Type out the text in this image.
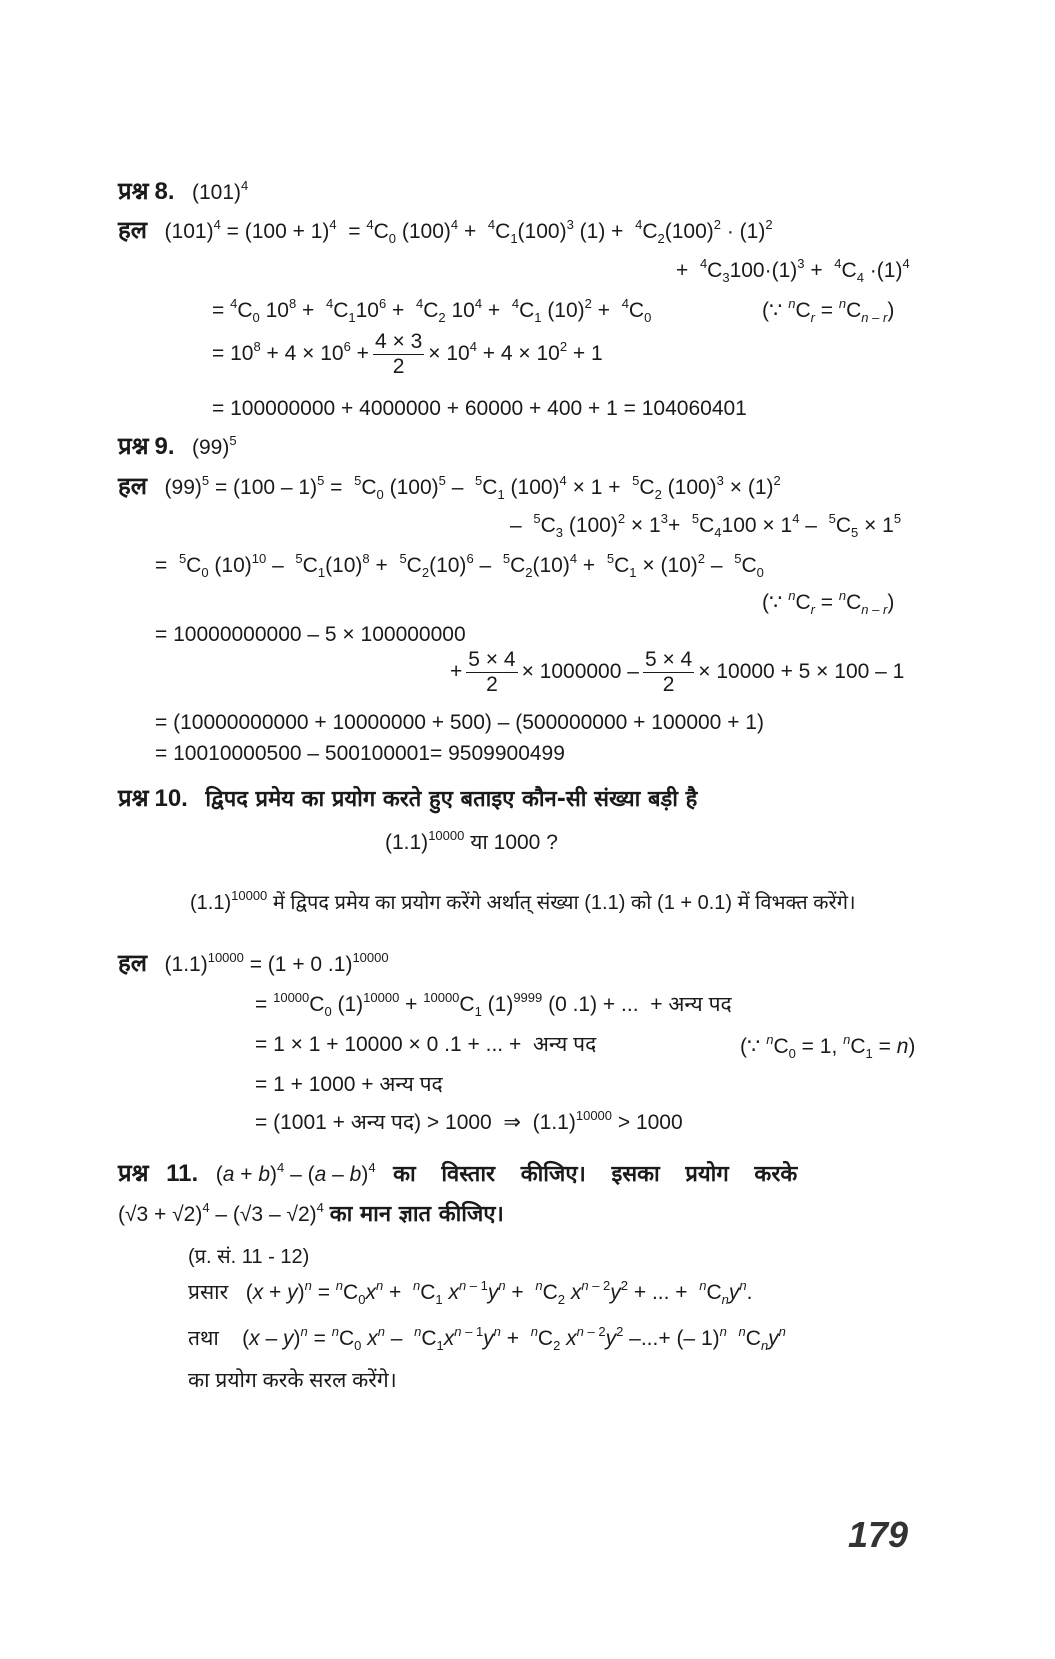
प्रश्न 8. $(101)^4$
हल   $(101)^4 = (100 + 1)^4 = ^4C_0$ $(100)^4 + ^4C_1(100)^3$ $(1) + ^4C_2(100)^2 \cdot (1)^2$
+  $^4C_3100\cdot(1)^3 + ^4C_4 \cdot(1)^4$
= $^4C_0$ $10^8 + ^4C_110^6 + ^4C_2$ $10^4 + ^4C_1$ $(10)^2 + ^4C_0$	(∵ $^nC_r = ^nC_{n - r}$)
= $10^8 + 4 \times 10^6 + \frac{4 \times 3}{2} \times 10^4 + 4 \times 10^2 + 1$
= 100000000 + 4000000 + 60000 + 400 + 1 = 104060401
प्रश्न 9. $(99)^5$
हल   $(99)^5 = (100 - 1)^5 = ^5C_0$ $(100)^5 - ^5C_1$ $(100)^4 \times 1 + ^5C_2$ $(100)^3 \times (1)^2$
–  $^5C_3$ $(100)^2 \times 1^3+ ^5C_4100 \times 1^4 - ^5C_5 \times 1^5$
=  $^5C_0$ $(10)^{10} - ^5C_1(10)^8 + ^5C_2(10)^6 - ^5C_2(10)^4 + ^5C_1 \times (10)^2 - ^5C_0$
(∵ $^nC_r = ^nC_{n - r}$)
= 10000000000 – 5 × 100000000
+ $\frac{5 \times 4}{2} \times 1000000 - \frac{5 \times 4}{2} \times 10000 + 5 \times 100 - 1$
= (10000000000 + 10000000 + 500) – (500000000 + 100000 + 1)
= 10010000500 – 500100001= 9509900499
प्रश्न 10. द्विपद प्रमेय का प्रयोग करते हुए बताइए कौन-सी संख्या बड़ी है
$(1.1)^{10000}$ या 1000 ?
$(1.1)^{10000}$ में द्विपद प्रमेय का प्रयोग करेंगे अर्थात् संख्या (1.1) को (1 + 0.1) में विभक्त करेंगे।
हल   $(1.1)^{10000} = (1 + 0$ .1)$^{10000}$
= $^{10000}C_0$ $(1)^{10000} + ^{10000}C_1$ $(1)^{9999}$ (0 .1) + ...  + अन्य पद
= 1 × 1 + 10000 × 0 .1 + ... +  अन्य पद	(∵ $^nC_0 = 1$, $^nC_1 = n$)
= 1 + 1000 + अन्य पद
= (1001 + अन्य पद) > 1000  ⇒  $(1.1)^{10000} > 1000$
प्रश्न 11.   $(a + b)^4 - (a - b)^4$ का विस्तार कीजिए। इसका प्रयोग करके
$(√3 + √2)^4 - (√3 - √2)^4$ का मान ज्ञात कीजिए।
(प्र. सं. 11 - 12)
प्रसार   $(x + y)^n = ^nC_0x^n + ^nC_1$ $x^{n - 1}y^n + ^nC_2$ $x^{n - 2}y^2$ + ... +  $^nC_ny^n$.
तथा    $(x - y)^n = ^nC_0$ $x^n - ^nC_1x^{n - 1}y^n + ^nC_2$ $x^{n - 2}y^2$ –...+ (– 1)$^n$ $^nC_ny^n$
का प्रयोग करके सरल करेंगे।
179
